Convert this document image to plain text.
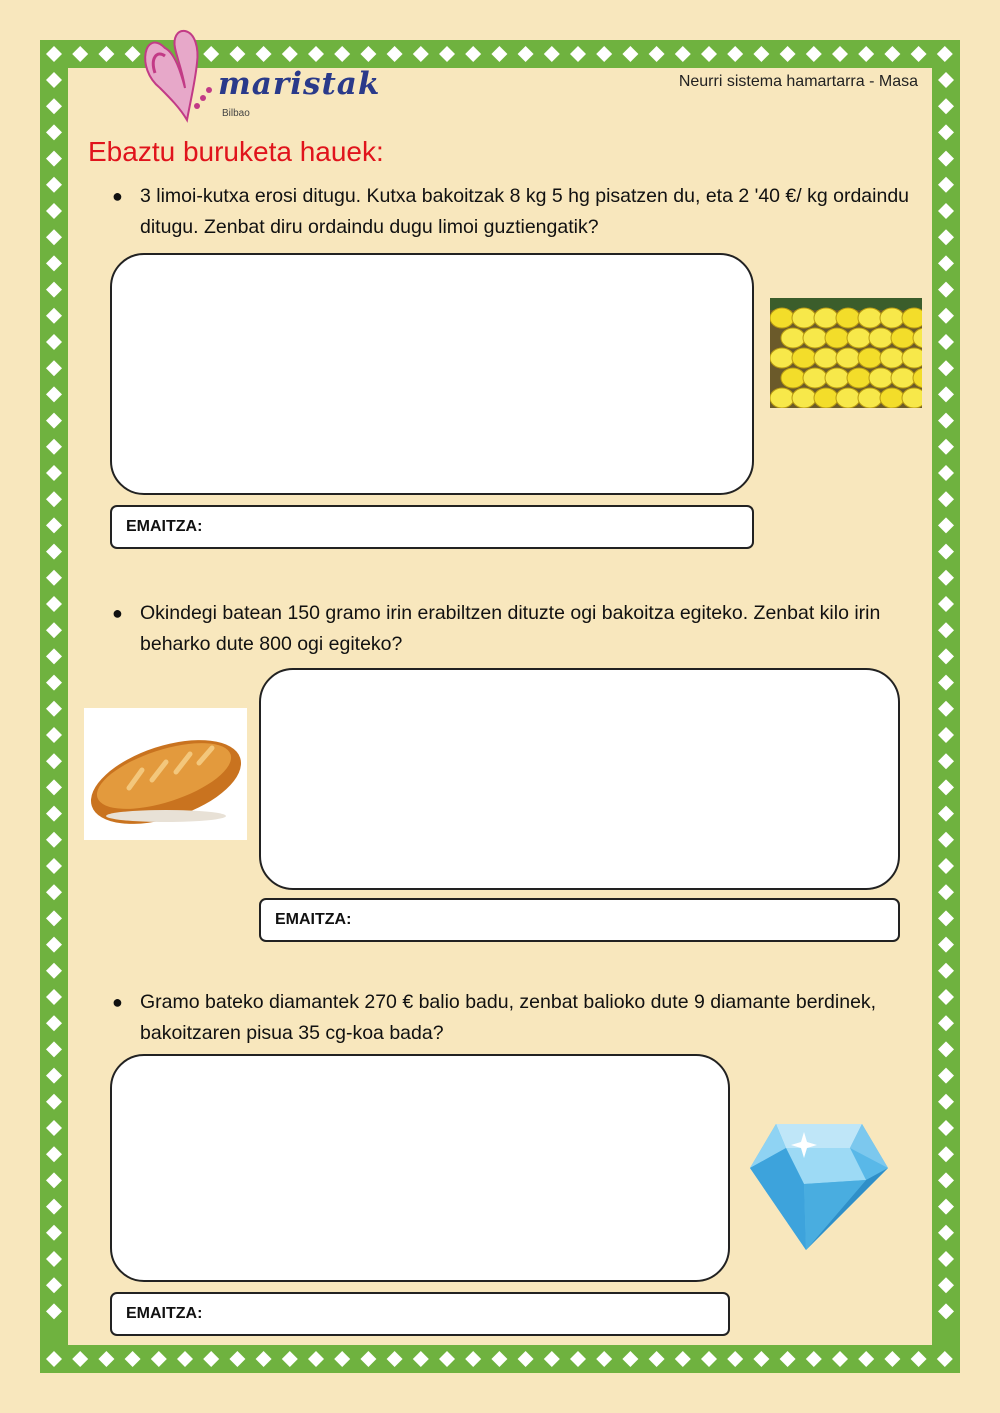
maristak
Bilbao
Neurri sistema hamartarra - Masa
Ebaztu buruketa hauek:
● 3 limoi-kutxa erosi ditugu. Kutxa bakoitzak 8 kg 5 hg pisatzen du, eta 2 '40 €/ kg ordaindu ditugu. Zenbat diru ordaindu dugu limoi guztiengatik?
EMAITZA:
● Okindegi batean 150 gramo irin erabiltzen dituzte ogi bakoitza egiteko. Zenbat kilo irin beharko dute 800 ogi egiteko?
EMAITZA:
● Gramo bateko diamantek 270 € balio badu, zenbat balioko dute 9 diamante berdinek, bakoitzaren pisua 35 cg-koa bada?
EMAITZA:
